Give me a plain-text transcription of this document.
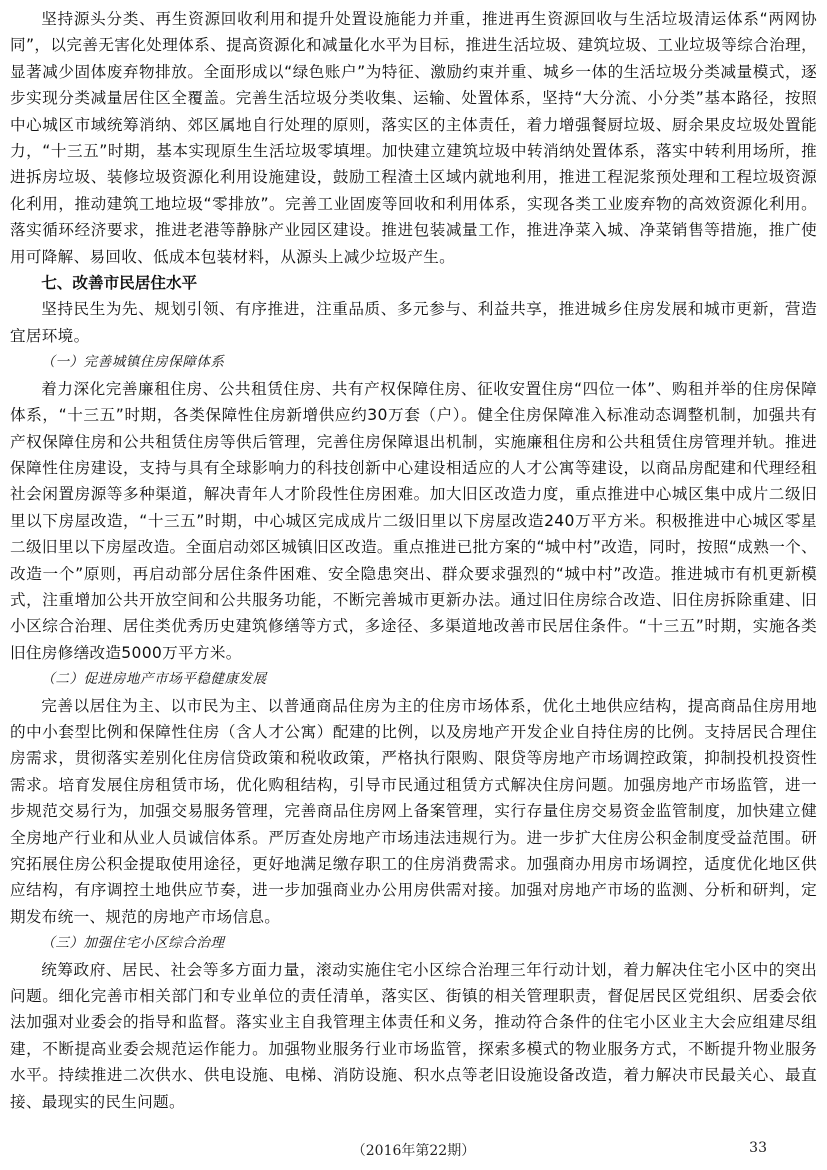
坚持源头分类、再生资源回收利用和提升处置设施能力并重，推进再生资源回收与生活垃圾清运体系“两网协同”，以完善无害化处理体系、提高资源化和减量化水平为目标，推进生活垃圾、建筑垃圾、工业垃圾等综合治理，显著减少固体废弃物排放。全面形成以“绿色账户”为特征、激励约束并重、城乡一体的生活垃圾分类减量模式，逐步实现分类减量居住区全覆盖。完善生活垃圾分类收集、运输、处置体系，坚持“大分流、小分类”基本路径，按照中心城区市域统筹消纳、郊区属地自行处理的原则，落实区的主体责任，着力增强餐厨垃圾、厨余果皮垃圾处置能力，“十三五”时期，基本实现原生生活垃圾零填埋。加快建立建筑垃圾中转消纳处置体系，落实中转利用场所，推进拆房垃圾、装修垃圾资源化利用设施建设，鼓励工程渣土区域内就地利用，推进工程泥浆预处理和工程垃圾资源化利用，推动建筑工地垃圾“零排放”。完善工业固废等回收和利用体系，实现各类工业废弃物的高效资源化利用。落实循环经济要求，推进老港等静脉产业园区建设。推进包装减量工作，推进净菜入城、净菜销售等措施，推广使用可降解、易回收、低成本包装材料，从源头上减少垃圾产生。

七、改善市民居住水平

坚持民生为先、规划引领、有序推进，注重品质、多元参与、利益共享，推进城乡住房发展和城市更新，营造宜居环境。

（一）完善城镇住房保障体系

着力深化完善廉租住房、公共租赁住房、共有产权保障住房、征收安置住房“四位一体”、购租并举的住房保障体系，“十三五”时期，各类保障性住房新增供应约30万套（户）。健全住房保障准入标准动态调整机制，加强共有产权保障住房和公共租赁住房等供后管理，完善住房保障退出机制，实施廉租住房和公共租赁住房管理并轨。推进保障性住房建设，支持与具有全球影响力的科技创新中心建设相适应的人才公寓等建设，以商品房配建和代理经租社会闲置房源等多种渠道，解决青年人才阶段性住房困难。加大旧区改造力度，重点推进中心城区集中成片二级旧里以下房屋改造，“十三五”时期，中心城区完成成片二级旧里以下房屋改造240万平方米。积极推进中心城区零星二级旧里以下房屋改造。全面启动郊区城镇旧区改造。重点推进已批方案的“城中村”改造，同时，按照“成熟一个、改造一个”原则，再启动部分居住条件困难、安全隐患突出、群众要求强烈的“城中村”改造。推进城市有机更新模式，注重增加公共开放空间和公共服务功能，不断完善城市更新办法。通过旧住房综合改造、旧住房拆除重建、旧小区综合治理、居住类优秀历史建筑修缮等方式，多途径、多渠道地改善市民居住条件。“十三五”时期，实施各类旧住房修缮改造5000万平方米。

（二）促进房地产市场平稳健康发展

完善以居住为主、以市民为主、以普通商品住房为主的住房市场体系，优化土地供应结构，提高商品住房用地的中小套型比例和保障性住房（含人才公寓）配建的比例，以及房地产开发企业自持住房的比例。支持居民合理住房需求，贯彻落实差别化住房信贷政策和税收政策，严格执行限购、限贷等房地产市场调控政策，抑制投机投资性需求。培育发展住房租赁市场，优化购租结构，引导市民通过租赁方式解决住房问题。加强房地产市场监管，进一步规范交易行为，加强交易服务管理，完善商品住房网上备案管理，实行存量住房交易资金监管制度，加快建立健全房地产行业和从业人员诚信体系。严厉查处房地产市场违法违规行为。进一步扩大住房公积金制度受益范围。研究拓展住房公积金提取使用途径，更好地满足缴存职工的住房消费需求。加强商办用房市场调控，适度优化地区供应结构，有序调控土地供应节奏，进一步加强商业办公用房供需对接。加强对房地产市场的监测、分析和研判，定期发布统一、规范的房地产市场信息。

（三）加强住宅小区综合治理

统筹政府、居民、社会等多方面力量，滚动实施住宅小区综合治理三年行动计划，着力解决住宅小区中的突出问题。细化完善市相关部门和专业单位的责任清单，落实区、街镇的相关管理职责，督促居民区党组织、居委会依法加强对业委会的指导和监督。落实业主自我管理主体责任和义务，推动符合条件的住宅小区业主大会应组建尽组建，不断提高业委会规范运作能力。加强物业服务行业市场监管，探索多模式的物业服务方式，不断提升物业服务水平。持续推进二次供水、供电设施、电梯、消防设施、积水点等老旧设施设备改造，着力解决市民最关心、最直接、最现实的民生问题。

（2016年第22期）	33
